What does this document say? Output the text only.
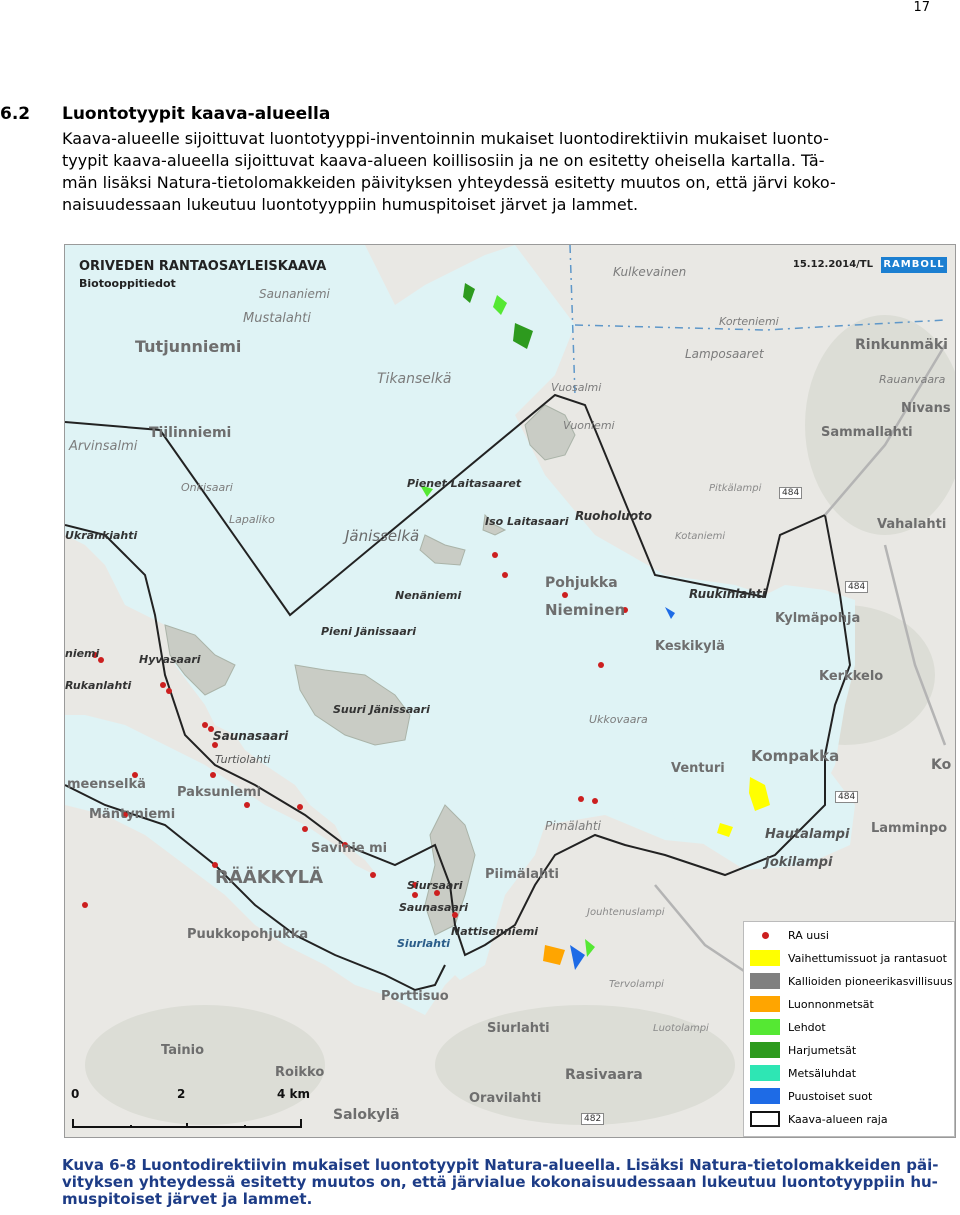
17
6.2 Luontotyypit kaava-alueella
Kaava-alueelle sijoittuvat luontotyyppi-inventoinnin mukaiset luontodirektiivin mukaiset luonto-
tyypit kaava-alueella sijoittuvat kaava-alueen koillisosiin ja ne on esitetty oheisella kartalla. Tä-
män lisäksi Natura-tietolomakkeiden päivityksen yhteydessä esitetty muutos on, että järvi koko-
naisuudessaan lukeutuu luontotyyppiin humuspitoiset järvet ja lammet.
ORIVEDEN RANTAOSAYLEISKAAVA
Biotooppitiedot
15.12.2014/TL RAMBOLL
Tutjunniemi
Tiilinniemi
Rinkunmäki
Sammallahti
Nivans
Vahalahti
Kylmäpohja
Keskikylä
Kerkkelo
Kompakka
Venturi
Lamminpo
Mäntyniemi
RÄÄKKYLÄ
Savinie mi
Piimälahti
Puukkopohjukka
Porttisuo
Siurlahti
Tainio
Roikko	Rasivaara
Oravilahti
Salokylä
Nieminen
Ko
Paksunlemi
meenselkä
Saunaniemi
Mustalahti
Tikanselkä
Kulkevainen
Korteniemi
Lamposaaret
Rauanvaara
Vuosalmi
Vuoniemi
Arvinsalmi
Onkisaari
Lapaliko
Pienet Laitasaaret
Iso Laitasaari Ruoholuoto
Jänisselkä
Pitkälampi
Kotaniemi
Pohjukka
Ruukinlahti
Nenäniemi
Pieni Jänissaari
Hyvasaari
Suuri Jänissaari
Ukkovaara
Saunasaari
Turtiolahti
Pimälahti
Hautalampi
Jokilampi
Siursaari
Saunasaari
Nattisenniemi
Jouhtenuslampi
Tervolampi
Siurlahti
Luotolampi
Ukrankiahti
Rukanlahti
niemi
484
484
484
482
0	2	4 km
RA uusi
Vaihettumissuot ja rantasuot
Kallioiden pioneerikasvillisuus
Luonnonmetsät
Lehdot
Harjumetsät
Metsäluhdat
Puustoiset suot
Kaava-alueen raja
Kuva 6-8 Luontodirektiivin mukaiset luontotyypit Natura-alueella. Lisäksi Natura-tietolomakkeiden päi-
vityksen yhteydessä esitetty muutos on, että järvialue kokonaisuudessaan lukeutuu luontotyyppiin hu-
muspitoiset järvet ja lammet.
